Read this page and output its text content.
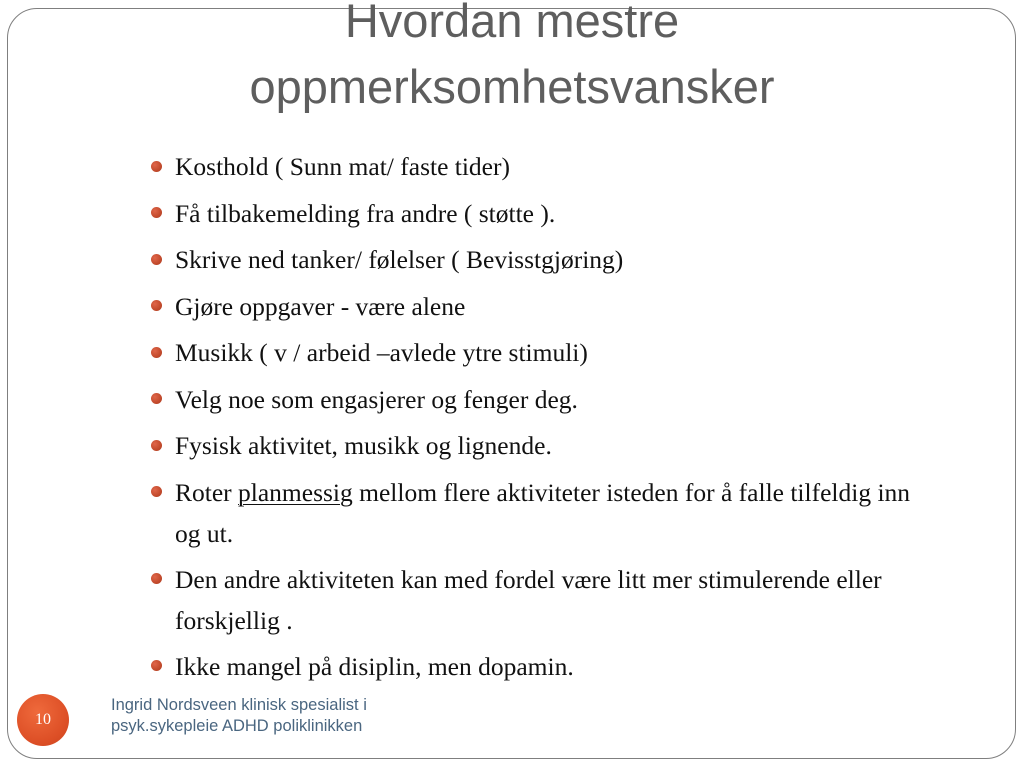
Hvordan mestre
oppmerksomhetsvansker
Kosthold ( Sunn mat/ faste tider)
Få tilbakemelding fra andre ( støtte ).
Skrive ned tanker/ følelser ( Bevisstgjøring)
Gjøre oppgaver - være alene
Musikk ( v / arbeid –avlede ytre stimuli)
Velg noe som engasjerer og fenger deg.
Fysisk aktivitet, musikk og lignende.
Roter planmessig mellom flere aktiviteter isteden for å falle tilfeldig inn og ut.
Den andre aktiviteten kan med fordel være litt mer stimulerende eller forskjellig .
Ikke mangel på disiplin, men dopamin.
10
Ingrid Nordsveen klinisk spesialist i
psyk.sykepleie ADHD poliklinikken
